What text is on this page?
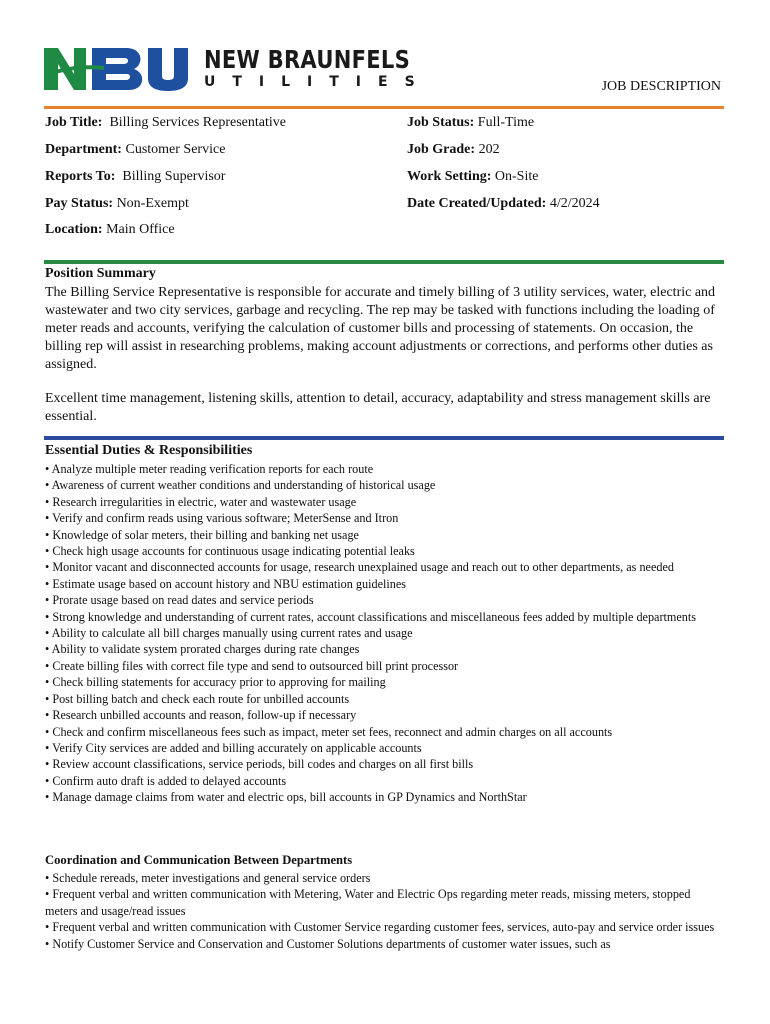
NEW BRAUNFELS
UTILITIES	JOB DESCRIPTION
Job Title: Billing Services Representative
Department: Customer Service
Reports To: Billing Supervisor
Pay Status: Non-Exempt
Location: Main Office
Job Status: Full-Time
Job Grade: 202
Work Setting: On-Site
Date Created/Updated: 4/2/2024
Position Summary
The Billing Service Representative is responsible for accurate and timely billing of 3 utility services, water, electric and wastewater and two city services, garbage and recycling. The rep may be tasked with functions including the loading of meter reads and accounts, verifying the calculation of customer bills and processing of statements. On occasion, the billing rep will assist in researching problems, making account adjustments or corrections, and performs other duties as assigned.
Excellent time management, listening skills, attention to detail, accuracy, adaptability and stress management skills are essential.
Essential Duties & Responsibilities
• Analyze multiple meter reading verification reports for each route
• Awareness of current weather conditions and understanding of historical usage
• Research irregularities in electric, water and wastewater usage
• Verify and confirm reads using various software; MeterSense and Itron
• Knowledge of solar meters, their billing and banking net usage
• Check high usage accounts for continuous usage indicating potential leaks
• Monitor vacant and disconnected accounts for usage, research unexplained usage and reach out to other departments, as needed
• Estimate usage based on account history and NBU estimation guidelines
• Prorate usage based on read dates and service periods
• Strong knowledge and understanding of current rates, account classifications and miscellaneous fees added by multiple departments
• Ability to calculate all bill charges manually using current rates and usage
• Ability to validate system prorated charges during rate changes
• Create billing files with correct file type and send to outsourced bill print processor
• Check billing statements for accuracy prior to approving for mailing
• Post billing batch and check each route for unbilled accounts
• Research unbilled accounts and reason, follow-up if necessary
• Check and confirm miscellaneous fees such as impact, meter set fees, reconnect and admin charges on all accounts
• Verify City services are added and billing accurately on applicable accounts
• Review account classifications, service periods, bill codes and charges on all first bills
• Confirm auto draft is added to delayed accounts
• Manage damage claims from water and electric ops, bill accounts in GP Dynamics and NorthStar
Coordination and Communication Between Departments
• Schedule rereads, meter investigations and general service orders
• Frequent verbal and written communication with Metering, Water and Electric Ops regarding meter reads, missing meters, stopped meters and usage/read issues
• Frequent verbal and written communication with Customer Service regarding customer fees, services, auto-pay and service order issues
• Notify Customer Service and Conservation and Customer Solutions departments of customer water issues, such as
